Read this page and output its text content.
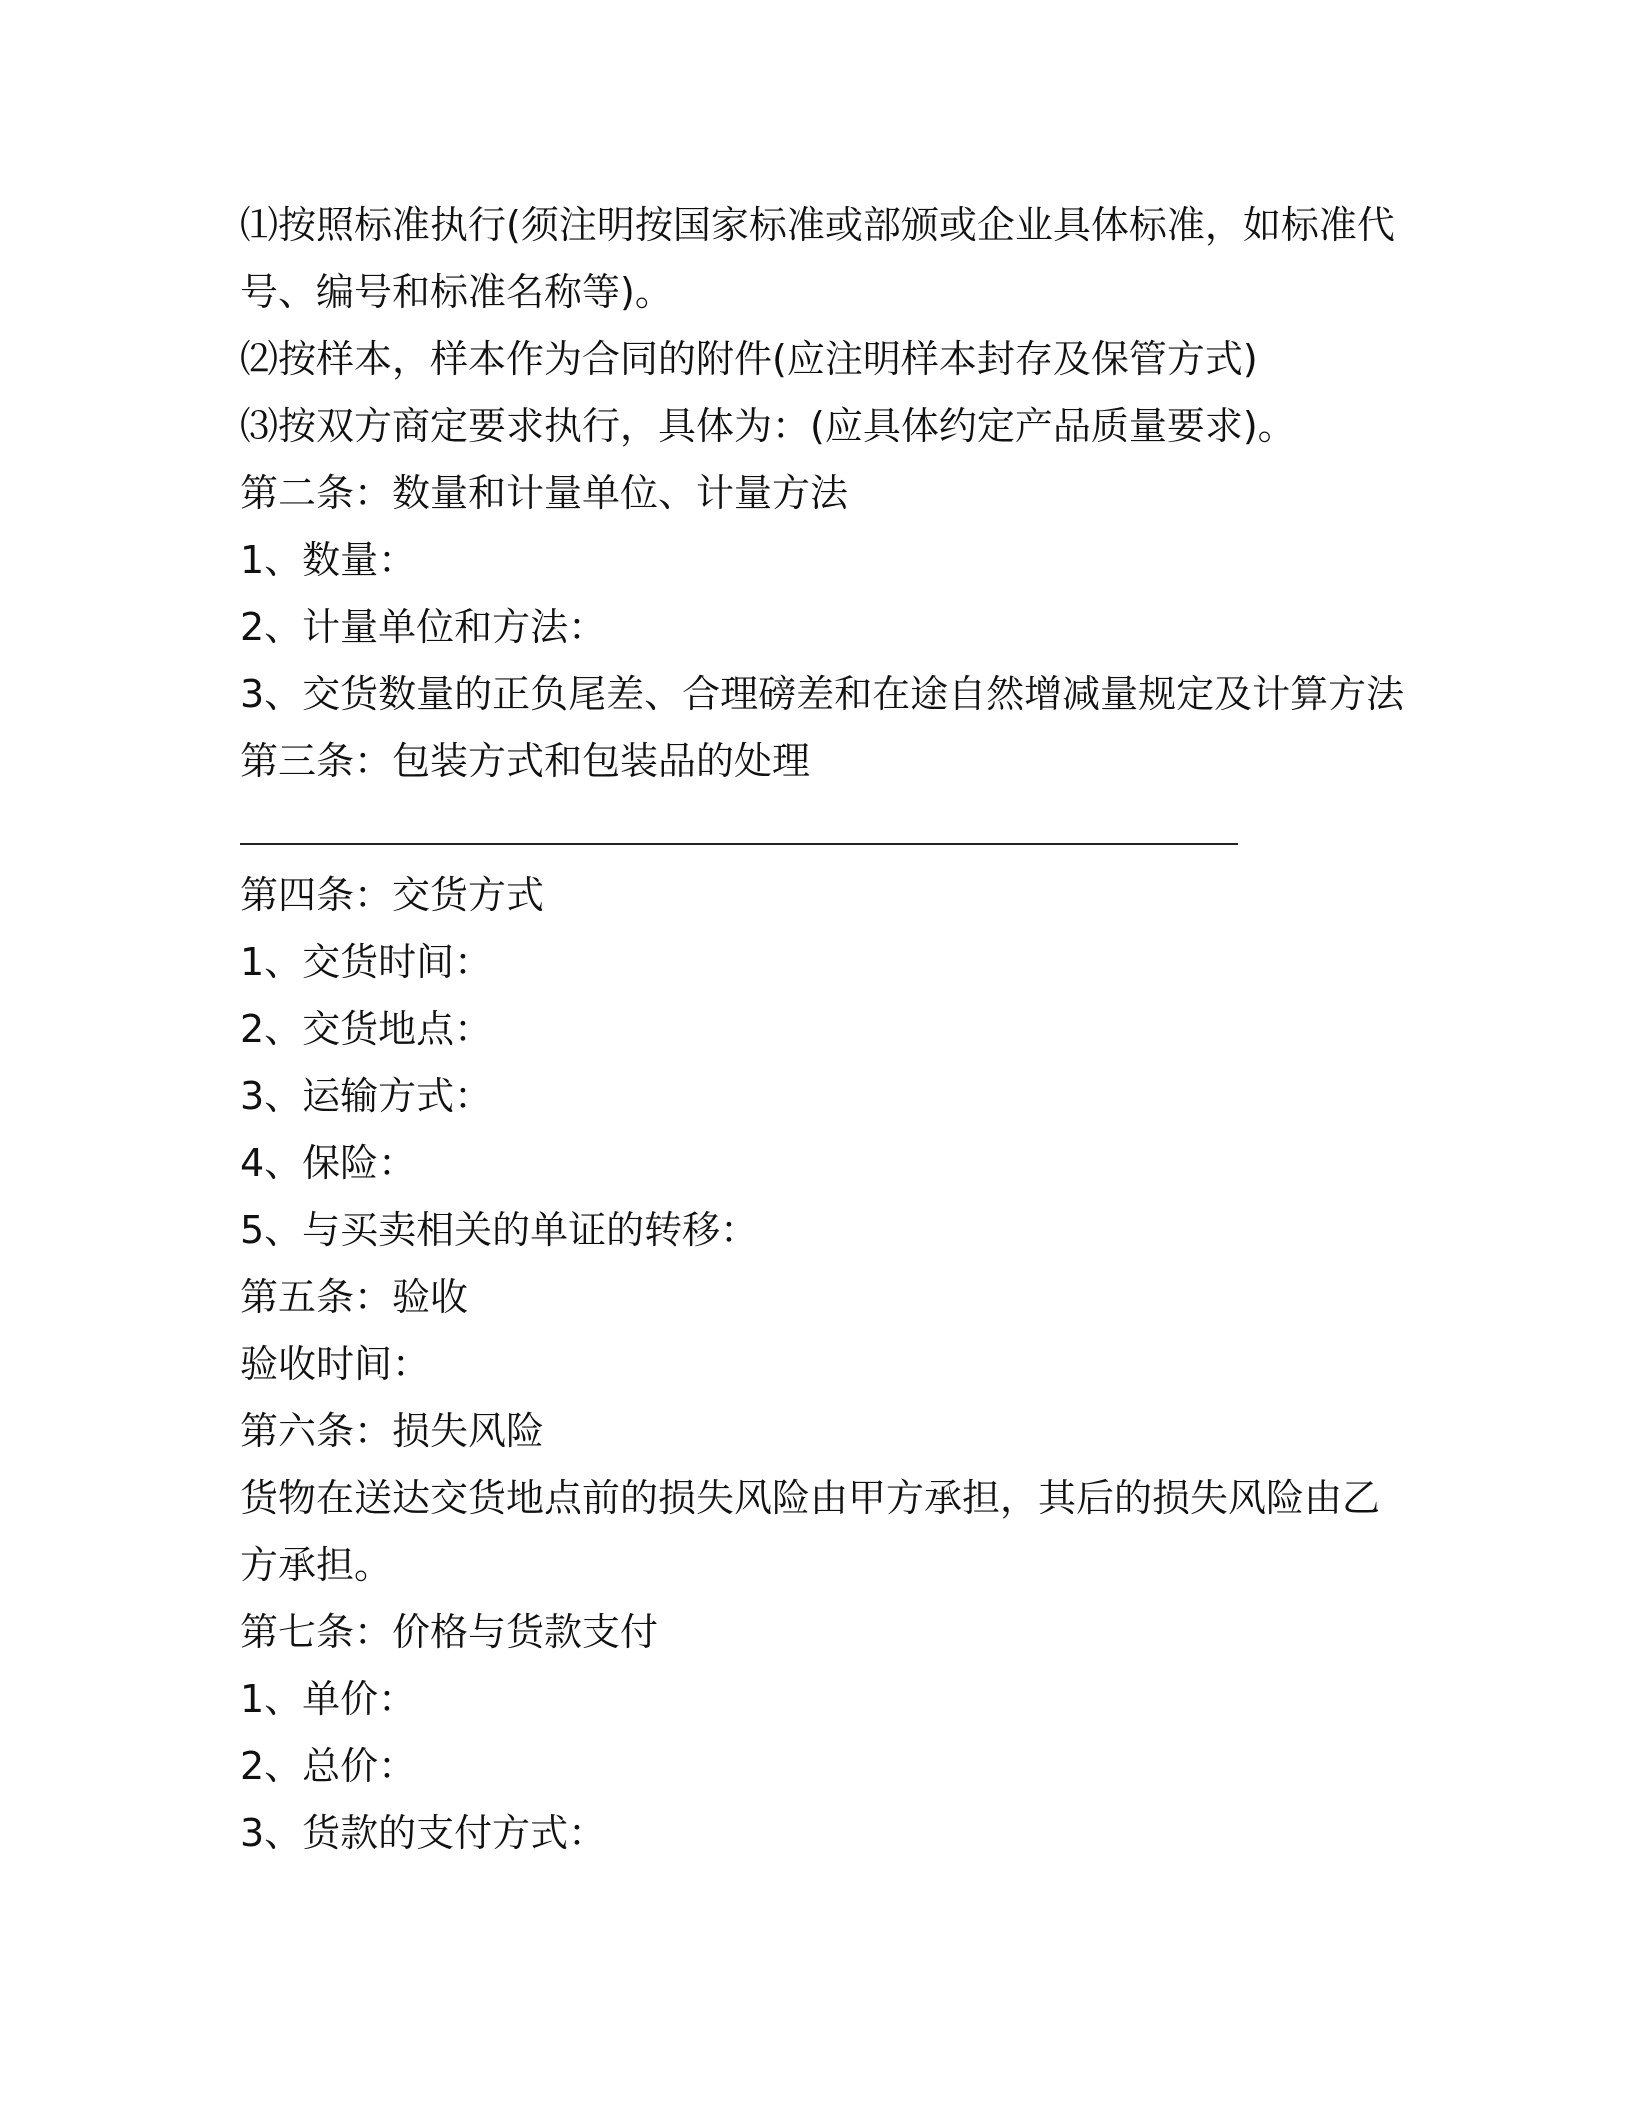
⑴按照标准执行(须注明按国家标准或部颁或企业具体标准，如标准代
号、编号和标准名称等)。
⑵按样本，样本作为合同的附件(应注明样本封存及保管方式)
⑶按双方商定要求执行，具体为：(应具体约定产品质量要求)。
第二条：数量和计量单位、计量方法
1、数量：
2、计量单位和方法：
3、交货数量的正负尾差、合理磅差和在途自然增减量规定及计算方法
第三条：包装方式和包装品的处理
第四条：交货方式
1、交货时间：
2、交货地点：
3、运输方式：
4、保险：
5、与买卖相关的单证的转移：
第五条：验收
验收时间：
第六条：损失风险
货物在送达交货地点前的损失风险由甲方承担，其后的损失风险由乙
方承担。
第七条：价格与货款支付
1、单价：
2、总价：
3、货款的支付方式：
